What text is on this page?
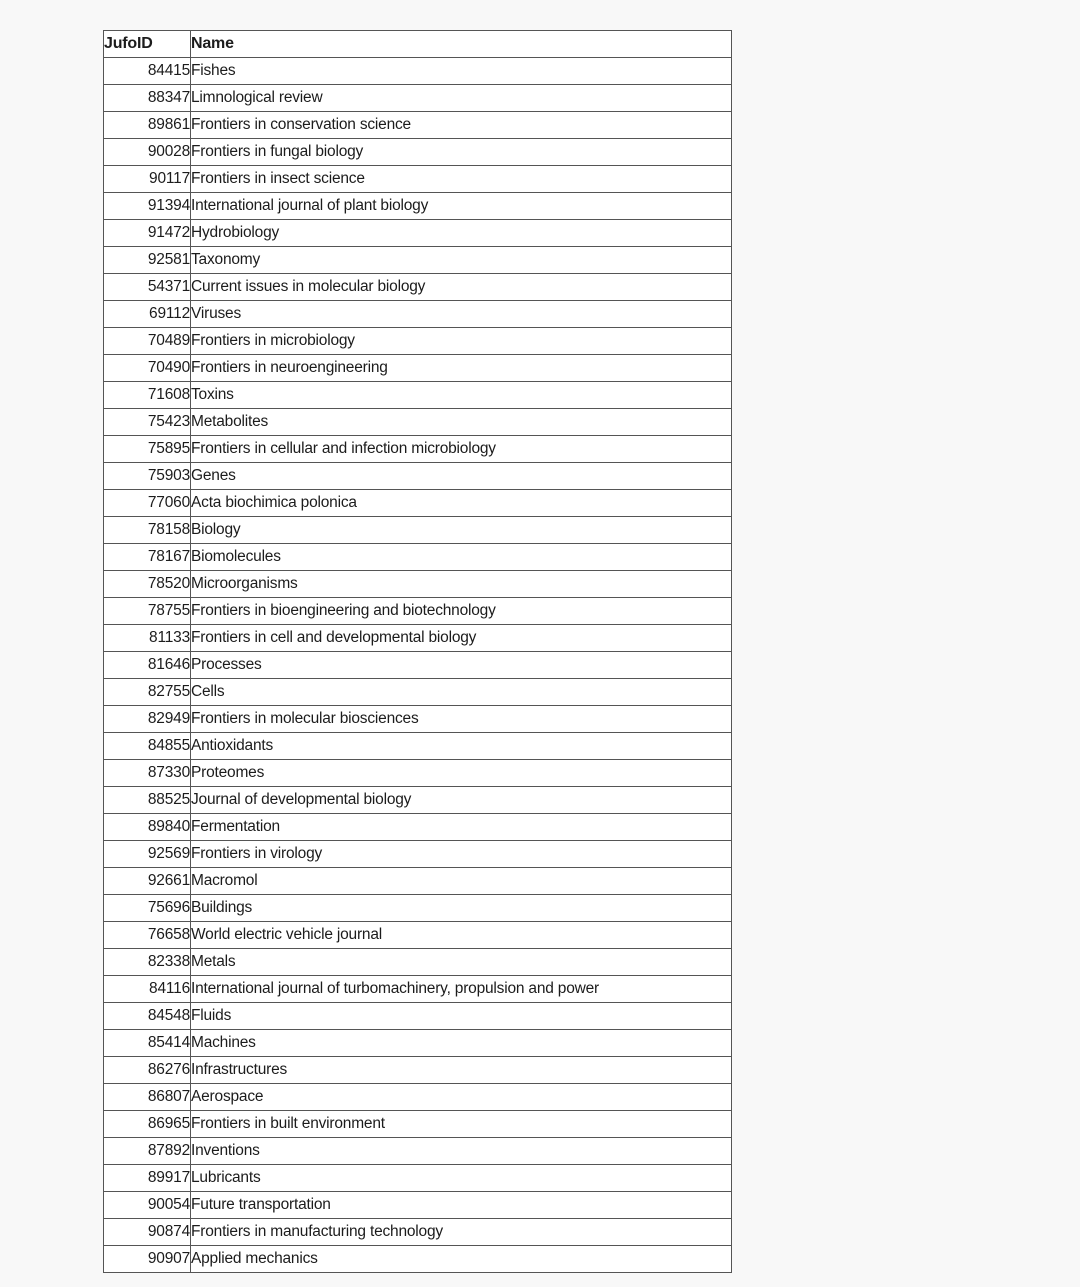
JufoID	Name
84415	Fishes
88347	Limnological review
89861	Frontiers in conservation science
90028	Frontiers in fungal biology
90117	Frontiers in insect science
91394	International journal of plant biology
91472	Hydrobiology
92581	Taxonomy
54371	Current issues in molecular biology
69112	Viruses
70489	Frontiers in microbiology
70490	Frontiers in neuroengineering
71608	Toxins
75423	Metabolites
75895	Frontiers in cellular and infection microbiology
75903	Genes
77060	Acta biochimica polonica
78158	Biology
78167	Biomolecules
78520	Microorganisms
78755	Frontiers in bioengineering and biotechnology
81133	Frontiers in cell and developmental biology
81646	Processes
82755	Cells
82949	Frontiers in molecular biosciences
84855	Antioxidants
87330	Proteomes
88525	Journal of developmental biology
89840	Fermentation
92569	Frontiers in virology
92661	Macromol
75696	Buildings
76658	World electric vehicle journal
82338	Metals
84116	International journal of turbomachinery, propulsion and power
84548	Fluids
85414	Machines
86276	Infrastructures
86807	Aerospace
86965	Frontiers in built environment
87892	Inventions
89917	Lubricants
90054	Future transportation
90874	Frontiers in manufacturing technology
90907	Applied mechanics
